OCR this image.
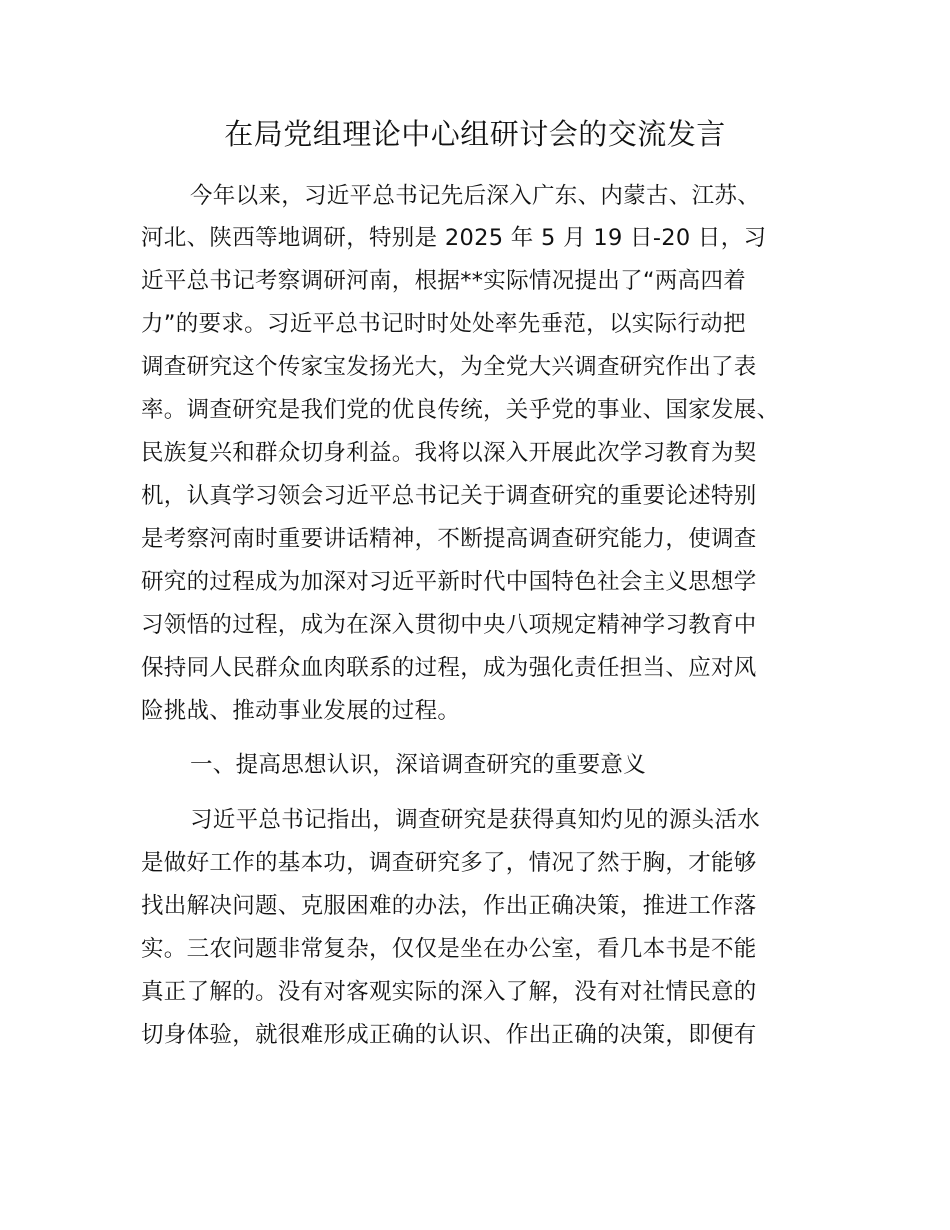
在局党组理论中心组研讨会的交流发言
今年以来，习近平总书记先后深入广东、内蒙古、江苏、
河北、陕西等地调研，特别是 2025 年 5 月 19 日-20 日，习
近平总书记考察调研河南，根据**实际情况提出了“两高四着
力”的要求。习近平总书记时时处处率先垂范，以实际行动把
调查研究这个传家宝发扬光大，为全党大兴调查研究作出了表
率。调查研究是我们党的优良传统，关乎党的事业、国家发展、
民族复兴和群众切身利益。我将以深入开展此次学习教育为契
机，认真学习领会习近平总书记关于调查研究的重要论述特别
是考察河南时重要讲话精神，不断提高调查研究能力，使调查
研究的过程成为加深对习近平新时代中国特色社会主义思想学
习领悟的过程，成为在深入贯彻中央八项规定精神学习教育中
保持同人民群众血肉联系的过程，成为强化责任担当、应对风
险挑战、推动事业发展的过程。
一、提高思想认识，深谙调查研究的重要意义
习近平总书记指出，调查研究是获得真知灼见的源头活水
是做好工作的基本功，调查研究多了，情况了然于胸，才能够
找出解决问题、克服困难的办法，作出正确决策，推进工作落
实。三农问题非常复杂，仅仅是坐在办公室，看几本书是不能
真正了解的。没有对客观实际的深入了解，没有对社情民意的
切身体验，就很难形成正确的认识、作出正确的决策，即便有
